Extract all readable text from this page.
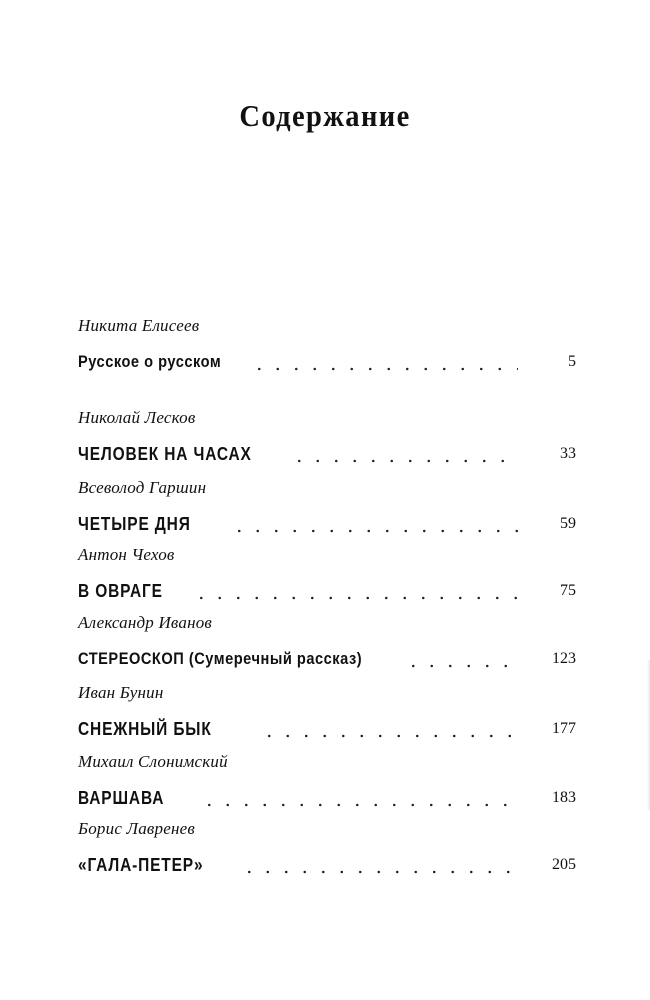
Содержание
Никита Елисеев
Русское о русском	5
Николай Лесков
ЧЕЛОВЕК НА ЧАСАХ	33
Всеволод Гаршин
ЧЕТЫРЕ ДНЯ	59
Антон Чехов
В ОВРАГЕ	75
Александр Иванов
СТЕРЕОСКОП (Сумеречный рассказ)	123
Иван Бунин
СНЕЖНЫЙ БЫК	177
Михаил Слонимский
ВАРШАВА	183
Борис Лавренев
«ГАЛА-ПЕТЕР»	205
